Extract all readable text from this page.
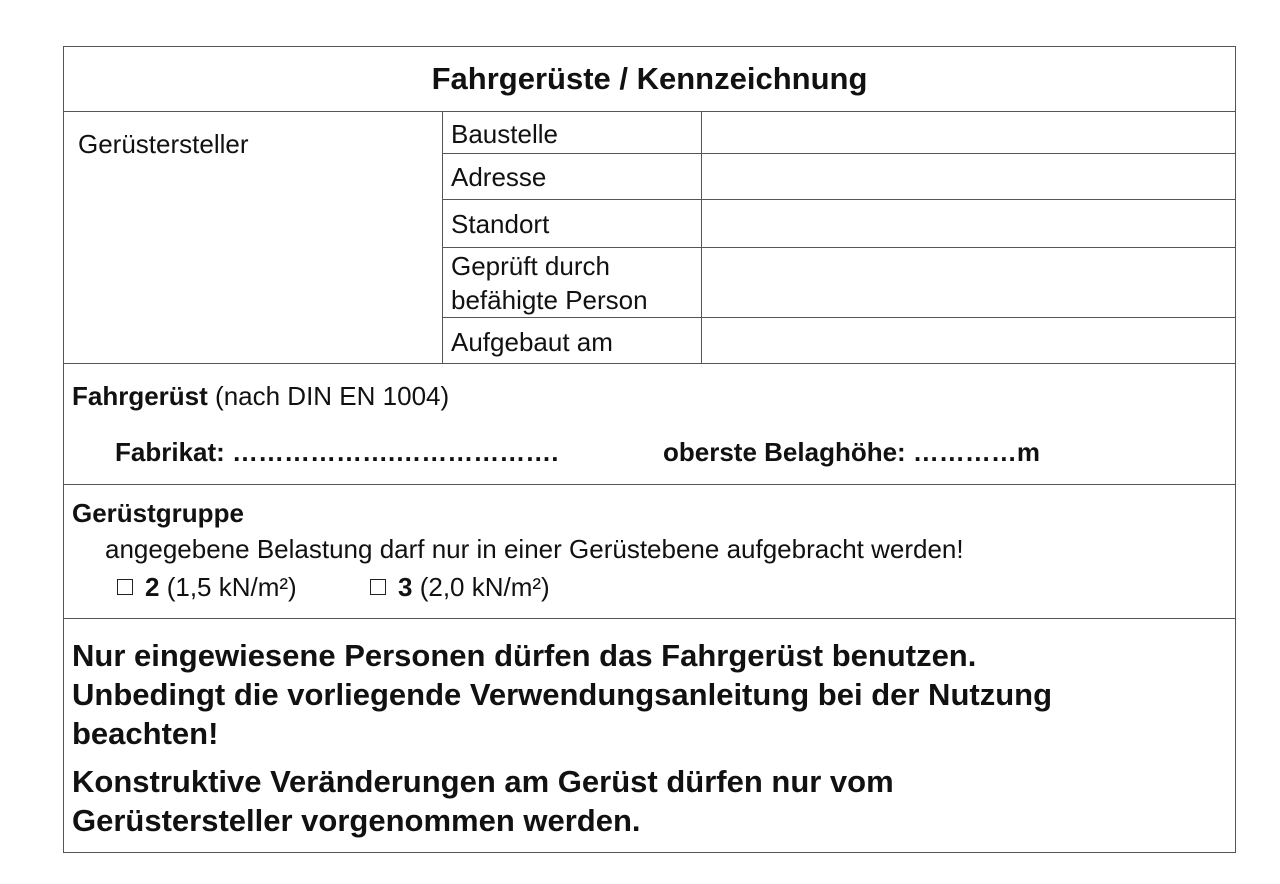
Fahrgerüste / Kennzeichnung
Gerüstersteller	Baustelle
Adresse
Standort
Geprüft durch
befähigte Person
Aufgebaut am
Fahrgerüst (nach DIN EN 1004)
Fabrikat: ……………….……………….	oberste Belaghöhe: …………m
Gerüstgruppe
angegebene Belastung darf nur in einer Gerüstebene aufgebracht werden!
2 (1,5 kN/m²)	3 (2,0 kN/m²)
Nur eingewiesene Personen dürfen das Fahrgerüst benutzen.
Unbedingt die vorliegende Verwendungsanleitung bei der Nutzung
beachten!
Konstruktive Veränderungen am Gerüst dürfen nur vom
Gerüstersteller vorgenommen werden.
